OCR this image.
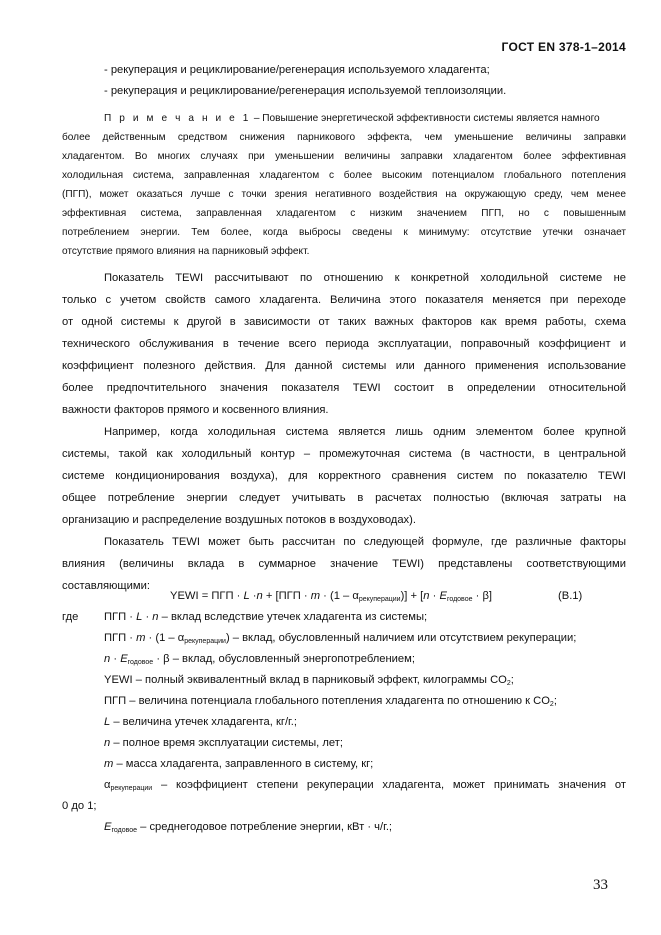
ГОСТ EN 378-1–2014
- рекуперация и рециклирование/регенерация используемого хладагента;
- рекуперация и рециклирование/регенерация используемой теплоизоляции.
П р и м е ч а н и е 1 – Повышение энергетической эффективности системы является намного
более действенным средством снижения парникового эффекта, чем уменьшение величины заправки
хладагентом. Во многих случаях при уменьшении величины заправки хладагентом более эффективная
холодильная система, заправленная хладагентом с более высоким потенциалом глобального потепления
(ПГП), может оказаться лучше с точки зрения негативного воздействия на окружающую среду, чем менее
эффективная система, заправленная хладагентом с низким значением ПГП, но с повышенным
потреблением энергии. Тем более, когда выбросы сведены к минимуму: отсутствие утечки означает
отсутствие прямого влияния на парниковый эффект.
Показатель TEWI рассчитывают по отношению к конкретной холодильной системе не
только с учетом свойств самого хладагента. Величина этого показателя меняется при переходе
от одной системы к другой в зависимости от таких важных факторов как время работы, схема
технического обслуживания в течение всего периода эксплуатации, поправочный коэффициент и
коэффициент полезного действия. Для данной системы или данного применения использование
более предпочтительного значения показателя TEWI состоит в определении относительной
важности факторов прямого и косвенного влияния.
Например, когда холодильная система является лишь одним элементом более крупной
системы, такой как холодильный контур – промежуточная система (в частности, в центральной
системе кондиционирования воздуха), для корректного сравнения систем по показателю TEWI
общее потребление энергии следует учитывать в расчетах полностью (включая затраты на
организацию и распределение воздушных потоков в воздуховодах).
Показатель TEWI может быть рассчитан по следующей формуле, где различные факторы
влияния (величины вклада в суммарное значение TEWI) представлены соответствующими
составляющими:
YEWI = ПГП · $L \cdot n + [ПГП \cdot m \cdot (1 - \alpha_{рекуперации})] + [n \cdot E_{годовое} \cdot \beta]$	(В.1)
где ПГП · L · n – вклад вследствие утечек хладагента из системы;
ПГП · $m \cdot (1 - \alpha_{рекуперации})$ – вклад, обусловленный наличием или отсутствием рекуперации;
$n \cdot E_{годовое} \cdot \beta$ – вклад, обусловленный энергопотреблением;
YEWI – полный эквивалентный вклад в парниковый эффект, килограммы $CO_2$;
ПГП – величина потенциала глобального потепления хладагента по отношению к $CO_2$;
L – величина утечек хладагента, кг/г.;
n – полное время эксплуатации системы, лет;
m – масса хладагента, заправленного в систему, кг;
$\alpha_{рекуперации}$ – коэффициент степени рекуперации хладагента, может принимать значения от
0 до 1;
$E_{годовое}$ – среднегодовое потребление энергии, кВт · ч/г.;
33
